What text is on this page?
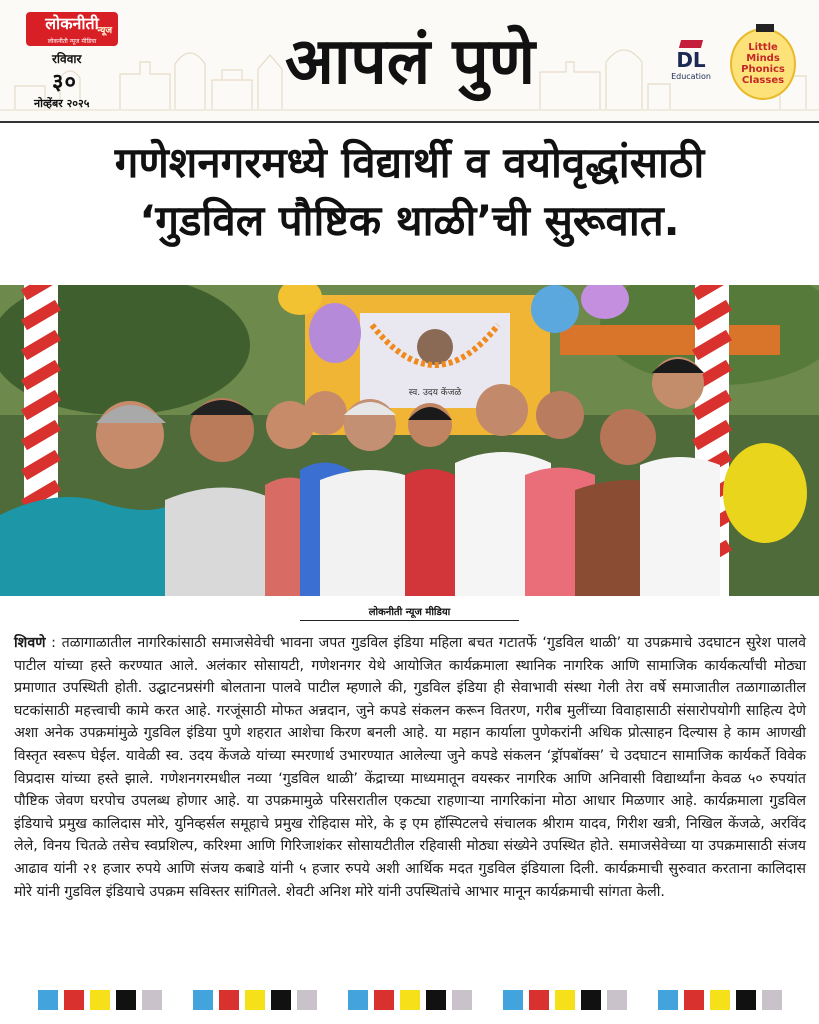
लोकनीती
न्यूज
लोकनीती न्यूज मीडिया
रविवार
३०
नोव्हेंबर २०२५
आपलं पुणे	DL
Education
Little
Minds
Phonics
Classes
गणेशनगरमध्ये विद्यार्थी व वयोवृद्धांसाठी
‘गुडविल पौष्टिक थाळी’ची सुरूवात.
स्व. उदय केंजळे
लोकनीती न्यूज मीडिया

शिवणे : तळागाळातील नागरिकांसाठी समाजसेवेची भावना जपत गुडविल इंडिया महिला बचत गटातर्फे ‘गुडविल थाळी’ या उपक्रमाचे उदघाटन सुरेश पालवे पाटील यांच्या हस्ते करण्यात आले. अलंकार सोसायटी, गणेशनगर येथे आयोजित कार्यक्रमाला स्थानिक नागरिक आणि सामाजिक कार्यकर्त्यांची मोठ्या प्रमाणात उपस्थिती होती. उद्घाटनप्रसंगी बोलताना पालवे पाटील म्हणाले की, गुडविल इंडिया ही सेवाभावी संस्था गेली तेरा वर्षे समाजातील तळागाळातील घटकांसाठी महत्त्वाची कामे करत आहे. गरजूंसाठी मोफत अन्नदान, जुने कपडे संकलन करून वितरण, गरीब मुलींच्या विवाहासाठी संसारोपयोगी साहित्य देणे अशा अनेक उपक्रमांमुळे गुडविल इंडिया पुणे शहरात आशेचा किरण बनली आहे. या महान कार्याला पुणेकरांनी अधिक प्रोत्साहन दिल्यास हे काम आणखी विस्तृत स्वरूप घेईल. यावेळी स्व. उदय केंजळे यांच्या स्मरणार्थ उभारण्यात आलेल्या जुने कपडे संकलन ‘ड्रॉपबॉक्स’ चे उदघाटन सामाजिक कार्यकर्ते विवेक विप्रदास यांच्या हस्ते झाले. गणेशनगरमधील नव्या ‘गुडविल थाळी’ केंद्राच्या माध्यमातून वयस्कर नागरिक आणि अनिवासी विद्यार्थ्यांना केवळ ५० रुपयांत पौष्टिक जेवण घरपोच उपलब्ध होणार आहे. या उपक्रमामुळे परिसरातील एकट्या राहणाऱ्या नागरिकांना मोठा आधार मिळणार आहे. कार्यक्रमाला गुडविल इंडियाचे प्रमुख कालिदास मोरे, युनिव्हर्सल समूहाचे प्रमुख रोहिदास मोरे, के इ एम हॉस्पिटलचे संचालक श्रीराम यादव, गिरीश खत्री, निखिल केंजळे, अरविंद लेले, विनय चितळे तसेच स्वप्रशिल्प, करिश्मा आणि गिरिजाशंकर सोसायटीतील रहिवासी मोठ्या संख्येने उपस्थित होते. समाजसेवेच्या या उपक्रमासाठी संजय आढाव यांनी २१ हजार रुपये आणि संजय कबाडे यांनी ५ हजार रुपये अशी आर्थिक मदत गुडविल इंडियाला दिली. कार्यक्रमाची सुरुवात करताना कालिदास मोरे यांनी गुडविल इंडियाचे उपक्रम सविस्तर सांगितले. शेवटी अनिश मोरे यांनी उपस्थितांचे आभार मानून कार्यक्रमाची सांगता केली.
